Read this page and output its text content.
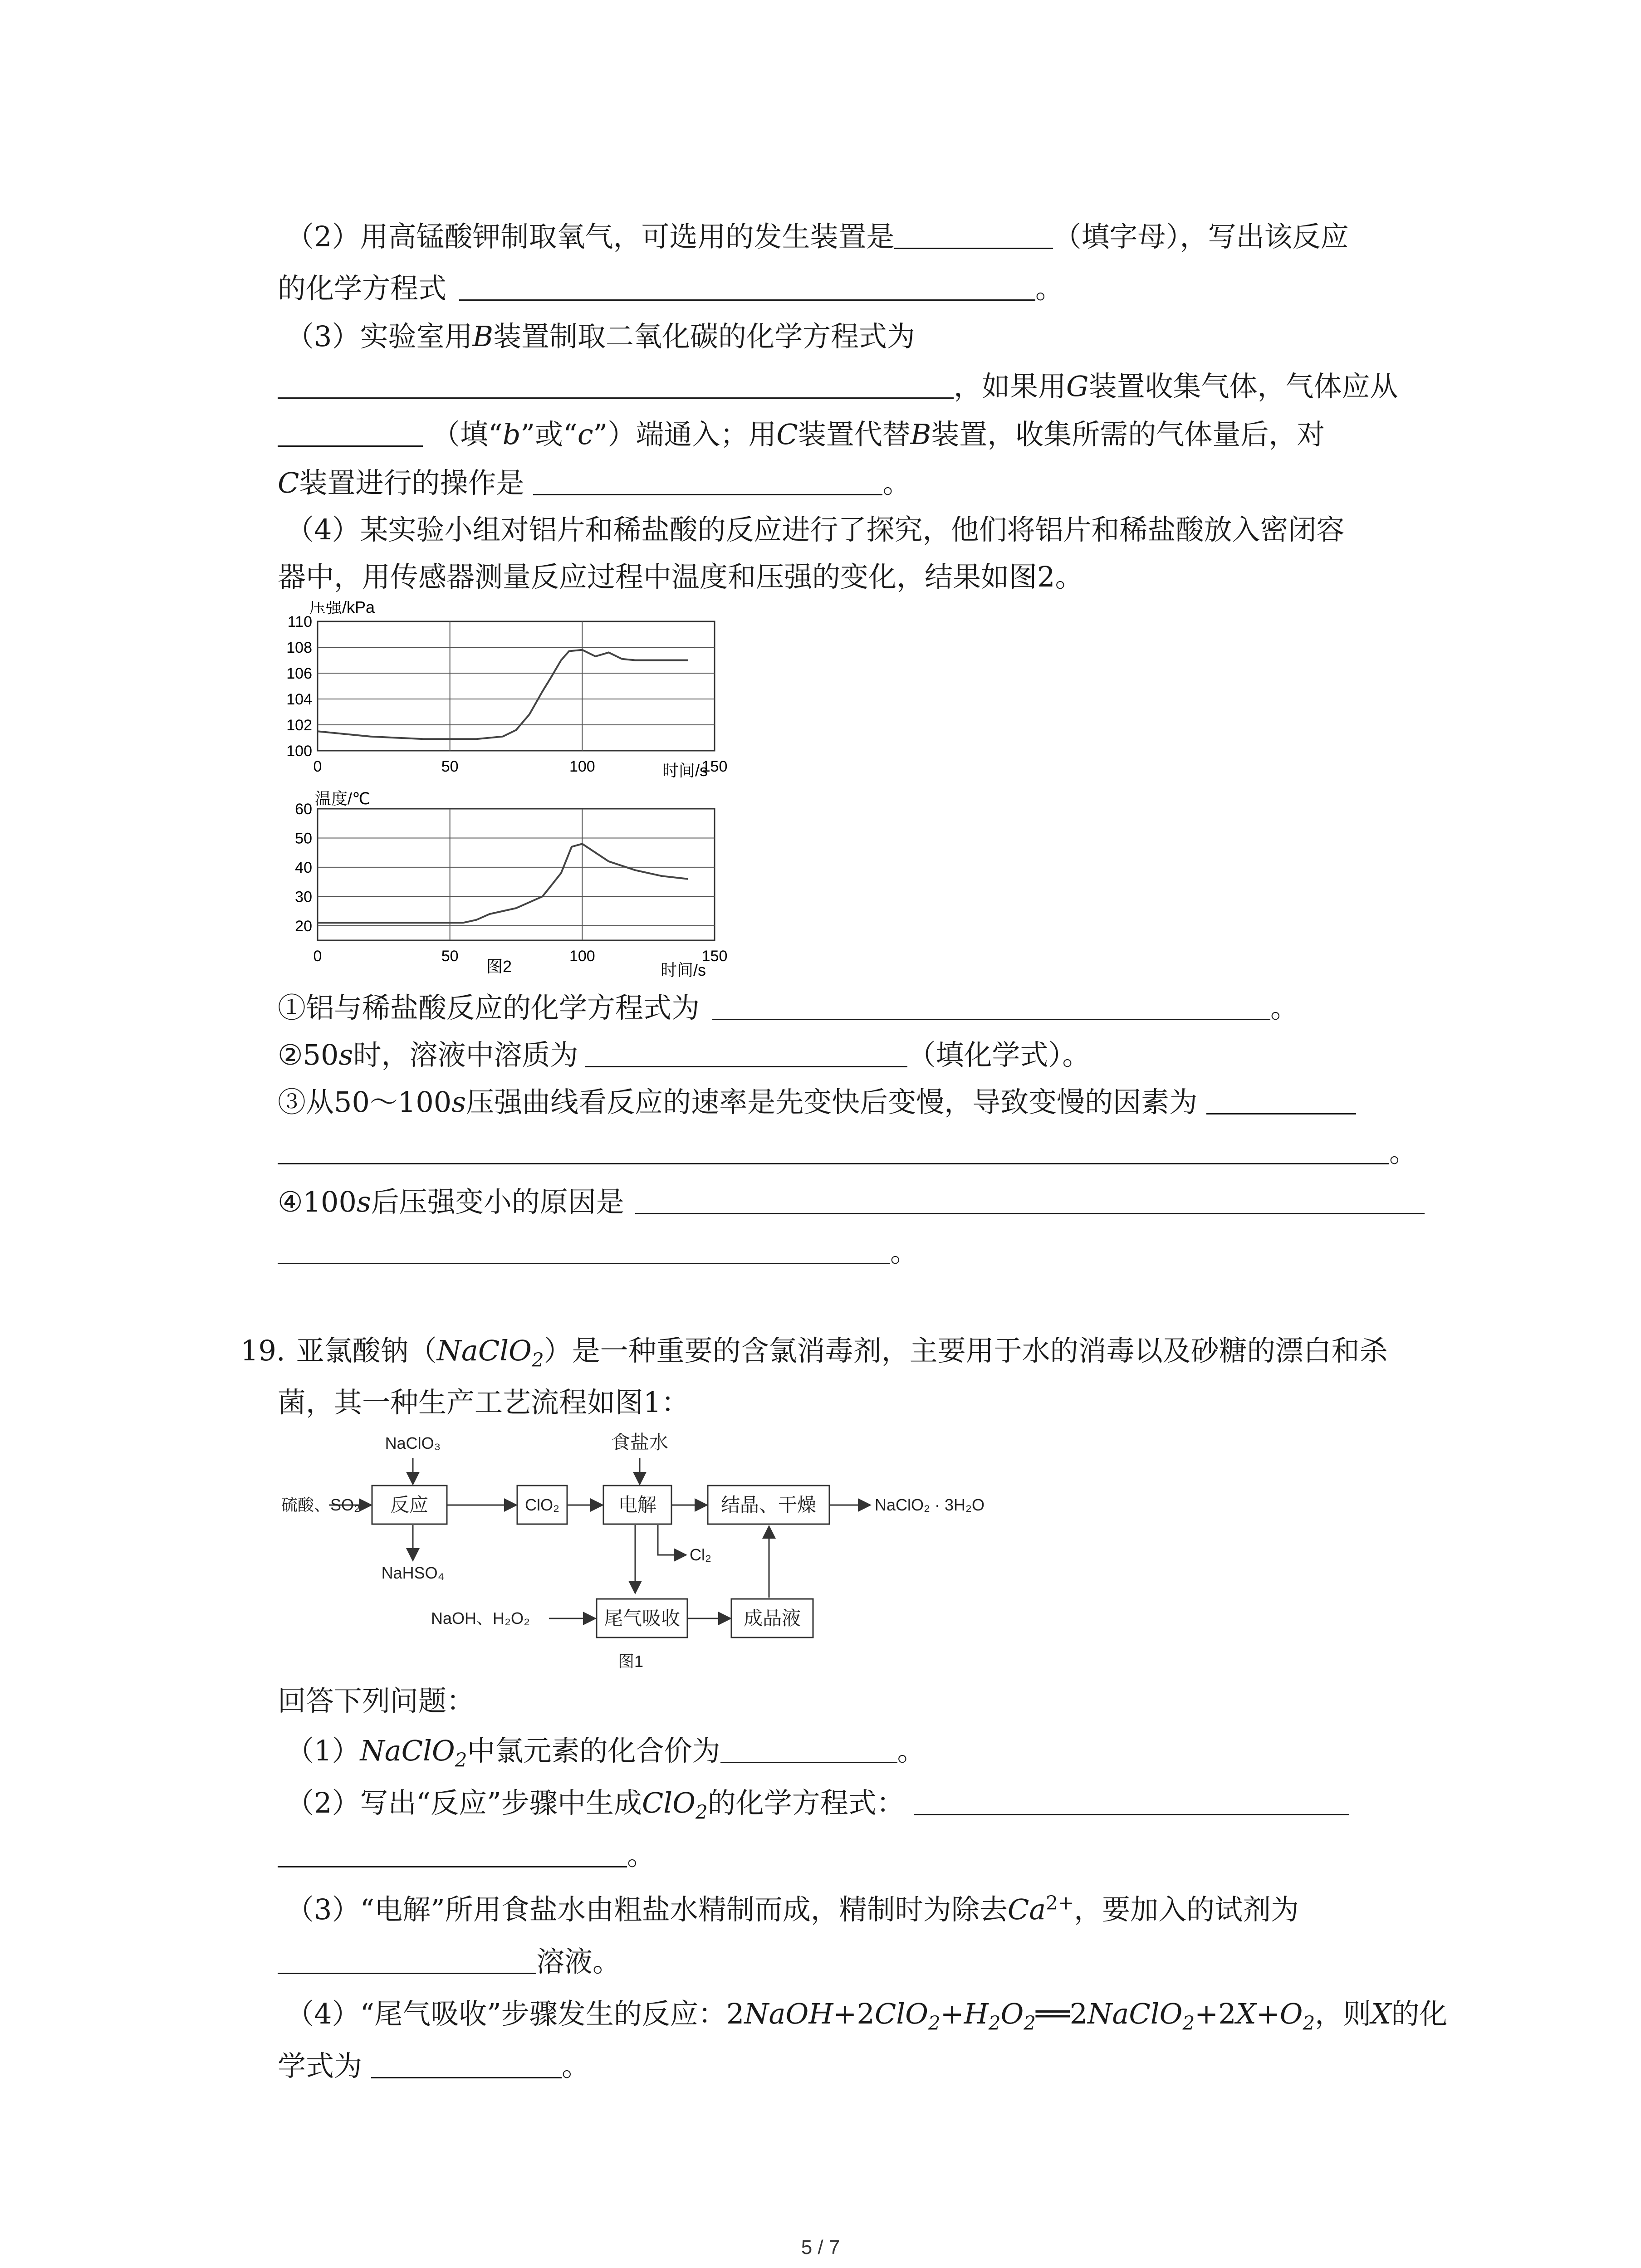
（2）用高锰酸钾制取氧气，可选用的发生装置是	（填字母），写出该反应
的化学方程式	。
（3）实验室用B装置制取二氧化碳的化学方程式为
，如果用G装置收集气体，气体应从
（填“b”或“c”）端通入；用C装置代替B装置，收集所需的气体量后，对
C装置进行的操作是	。
（4）某实验小组对铝片和稀盐酸的反应进行了探究，他们将铝片和稀盐酸放入密闭容
器中，用传感器测量反应过程中温度和压强的变化，结果如图2。
压强/kPa
110
108
106
104
102
100
0	50	100	150
时间/s
温度/℃
60
50
40
30
20
0	50	100	150
时间/s
图2
①铝与稀盐酸反应的化学方程式为	。
②50s时，溶液中溶质为	（填化学式）。
③从50～100s压强曲线看反应的速率是先变快后变慢，导致变慢的因素为
。
④100s后压强变小的原因是
。
19. 亚氯酸钠（NaClO$_2$）是一种重要的含氯消毒剂，主要用于水的消毒以及砂糖的漂白和杀
菌，其一种生产工艺流程如图1：
硫酸、SO₂
NaClO₃
反应	ClO₂
食盐水
电解	结晶、干燥	NaClO₂ · 3H₂O
NaHSO₄
Cl₂
NaOH、H₂O₂	尾气吸收	成品液
图1
回答下列问题：
（1）NaClO$_2$中氯元素的化合价为	。
（2）写出“反应”步骤中生成ClO$_2$的化学方程式：
。
（3）“电解”所用食盐水由粗盐水精制而成，精制时为除去$Ca^{2+}$，要加入的试剂为
溶液。
（4）“尾气吸收”步骤发生的反应：$2NaOH+2ClO_2+H_2O_2══2NaClO_2+2X+O_2$，则X的化
学式为	。
5 / 7
